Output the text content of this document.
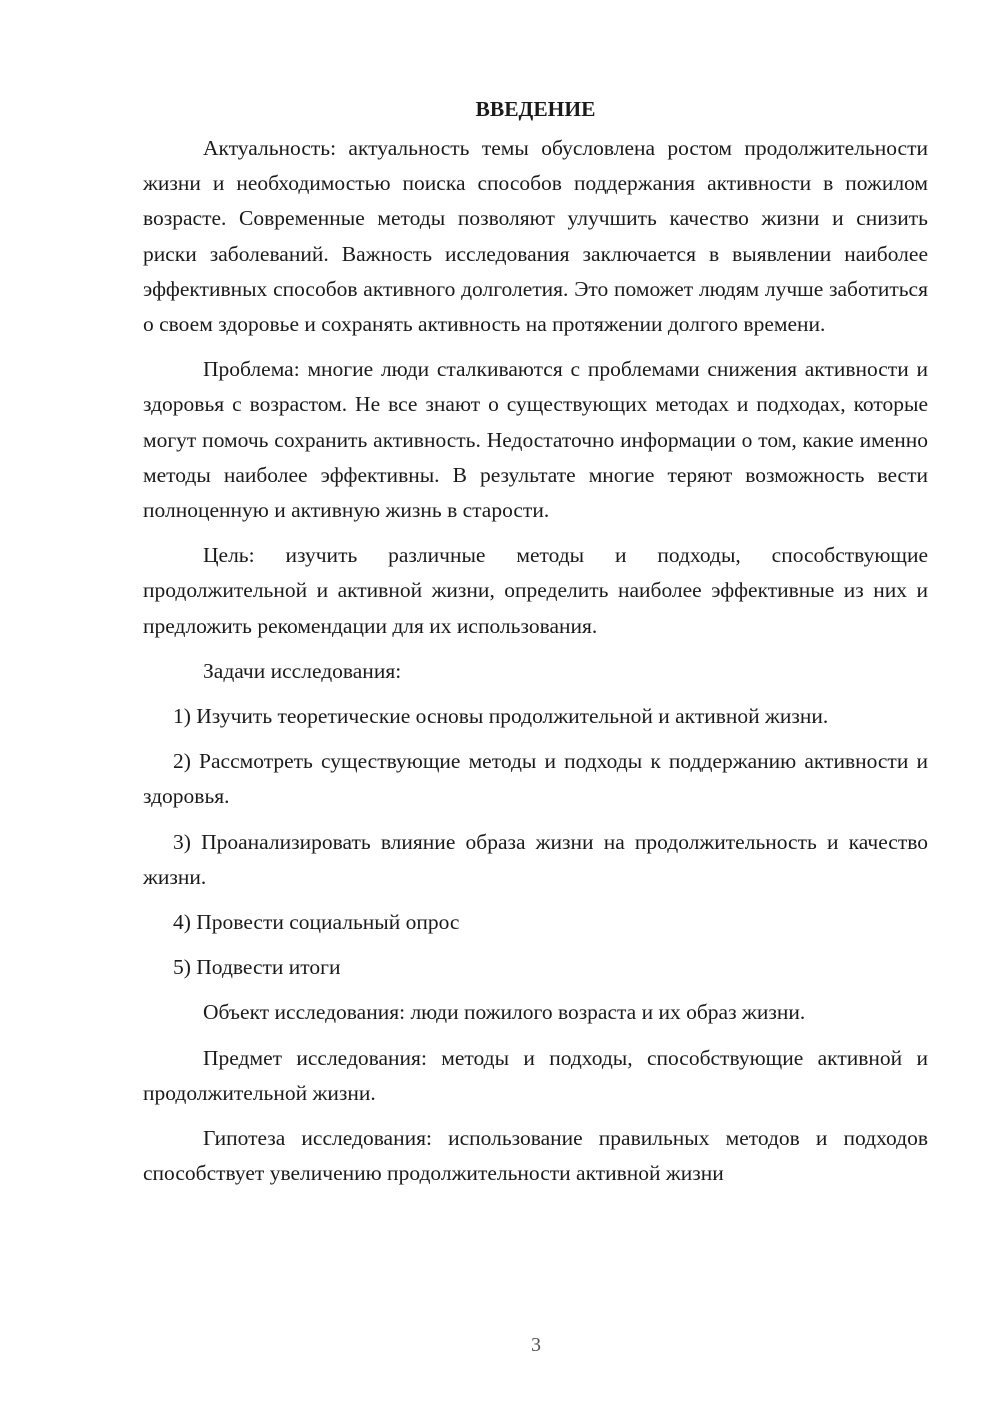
ВВЕДЕНИЕ

Актуальность: актуальность темы обусловлена ростом продолжительности жизни и необходимостью поиска способов поддержания активности в пожилом возрасте. Современные методы позволяют улучшить качество жизни и снизить риски заболеваний. Важность исследования заключается в выявлении наиболее эффективных способов активного долголетия. Это поможет людям лучше заботиться о своем здоровье и сохранять активность на протяжении долгого времени.

Проблема: многие люди сталкиваются с проблемами снижения активности и здоровья с возрастом. Не все знают о существующих методах и подходах, которые могут помочь сохранить активность. Недостаточно информации о том, какие именно методы наиболее эффективны. В результате многие теряют возможность вести полноценную и активную жизнь в старости.

Цель: изучить различные методы и подходы, способствующие продолжительной и активной жизни, определить наиболее эффективные из них и предложить рекомендации для их использования.

Задачи исследования:

1) Изучить теоретические основы продолжительной и активной жизни.

2) Рассмотреть существующие методы и подходы к поддержанию активности и здоровья.

3) Проанализировать влияние образа жизни на продолжительность и качество жизни.

4) Провести социальный опрос

5) Подвести итоги

Объект исследования: люди пожилого возраста и их образ жизни.

Предмет исследования: методы и подходы, способствующие активной и продолжительной жизни.

Гипотеза исследования: использование правильных методов и подходов способствует увеличению продолжительности активной жизни

3
